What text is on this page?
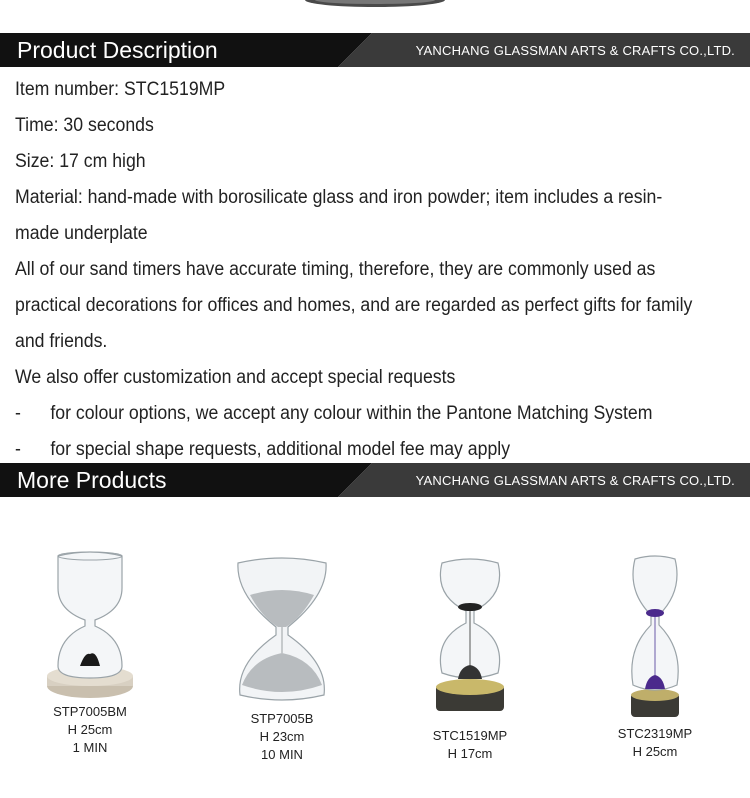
Product Description	YANCHANG GLASSMAN ARTS & CRAFTS CO.,LTD.

Item number: STC1519MP

Time: 30 seconds

Size: 17 cm high

Material: hand-made with borosilicate glass and iron powder; item includes a resin-made underplate

All of our sand timers have accurate timing, therefore, they are commonly used as practical decorations for offices and homes, and are regarded as perfect gifts for family and friends.

We also offer customization and accept special requests

-	for colour options, we accept any colour within the Pantone Matching System
-	for special shape requests, additional model fee may apply
More Products	YANCHANG GLASSMAN ARTS & CRAFTS CO.,LTD.
STP7005BM
H 25cm
1 MIN
STP7005B
H 23cm
10 MIN
STC1519MP
H 17cm
STC2319MP
H 25cm
